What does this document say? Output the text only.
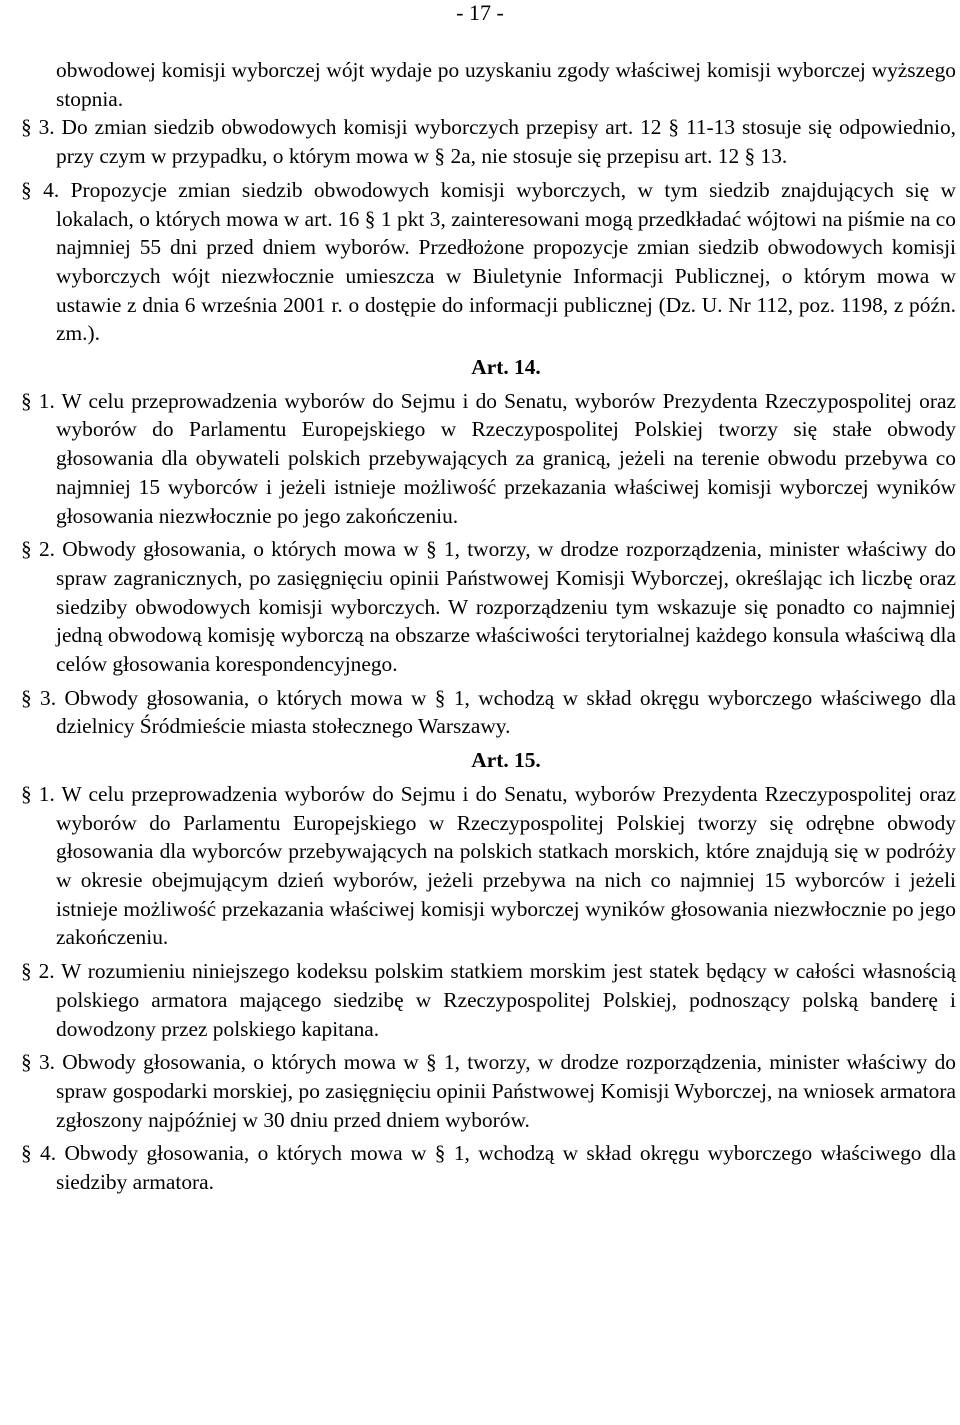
- 17 -

obwodowej komisji wyborczej wójt wydaje po uzyskaniu zgody właściwej komisji wyborczej wyższego stopnia.

§ 3. Do zmian siedzib obwodowych komisji wyborczych przepisy art. 12 § 11-13 stosuje się odpowiednio, przy czym w przypadku, o którym mowa w § 2a, nie stosuje się przepisu art. 12 § 13.

§ 4. Propozycje zmian siedzib obwodowych komisji wyborczych, w tym siedzib znajdujących się w lokalach, o których mowa w art. 16 § 1 pkt 3, zainteresowani mogą przedkładać wójtowi na piśmie na co najmniej 55 dni przed dniem wyborów. Przedłożone propozycje zmian siedzib obwodowych komisji wyborczych wójt niezwłocznie umieszcza w Biuletynie Informacji Publicznej, o którym mowa w ustawie z dnia 6 września 2001 r. o dostępie do informacji publicznej (Dz. U. Nr 112, poz. 1198, z późn. zm.).

Art. 14.

§ 1. W celu przeprowadzenia wyborów do Sejmu i do Senatu, wyborów Prezydenta Rzeczypospolitej oraz wyborów do Parlamentu Europejskiego w Rzeczypospolitej Polskiej tworzy się stałe obwody głosowania dla obywateli polskich przebywających za granicą, jeżeli na terenie obwodu przebywa co najmniej 15 wyborców i jeżeli istnieje możliwość przekazania właściwej komisji wyborczej wyników głosowania niezwłocznie po jego zakończeniu.

§ 2. Obwody głosowania, o których mowa w § 1, tworzy, w drodze rozporządzenia, minister właściwy do spraw zagranicznych, po zasięgnięciu opinii Państwowej Komisji Wyborczej, określając ich liczbę oraz siedziby obwodowych komisji wyborczych. W rozporządzeniu tym wskazuje się ponadto co najmniej jedną obwodową komisję wyborczą na obszarze właściwości terytorialnej każdego konsula właściwą dla celów głosowania korespondencyjnego.

§ 3. Obwody głosowania, o których mowa w § 1, wchodzą w skład okręgu wyborczego właściwego dla dzielnicy Śródmieście miasta stołecznego Warszawy.

Art. 15.

§ 1. W celu przeprowadzenia wyborów do Sejmu i do Senatu, wyborów Prezydenta Rzeczypospolitej oraz wyborów do Parlamentu Europejskiego w Rzeczypospolitej Polskiej tworzy się odrębne obwody głosowania dla wyborców przebywających na polskich statkach morskich, które znajdują się w podróży w okresie obejmującym dzień wyborów, jeżeli przebywa na nich co najmniej 15 wyborców i jeżeli istnieje możliwość przekazania właściwej komisji wyborczej wyników głosowania niezwłocznie po jego zakończeniu.

§ 2. W rozumieniu niniejszego kodeksu polskim statkiem morskim jest statek będący w całości własnością polskiego armatora mającego siedzibę w Rzeczypospolitej Polskiej, podnoszący polską banderę i dowodzony przez polskiego kapitana.

§ 3. Obwody głosowania, o których mowa w § 1, tworzy, w drodze rozporządzenia, minister właściwy do spraw gospodarki morskiej, po zasięgnięciu opinii Państwowej Komisji Wyborczej, na wniosek armatora zgłoszony najpóźniej w 30 dniu przed dniem wyborów.

§ 4. Obwody głosowania, o których mowa w § 1, wchodzą w skład okręgu wyborczego właściwego dla siedziby armatora.
